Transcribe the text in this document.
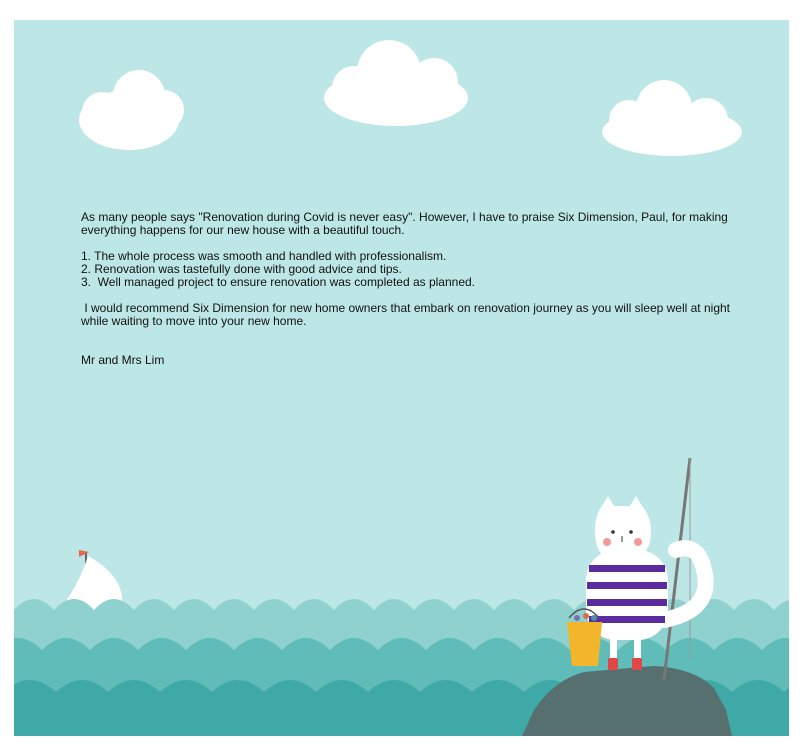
As many people says "Renovation during Covid is never easy". However, I have to praise Six Dimension, Paul, for making everything happens for our new house with a beautiful touch.

1. The whole process was smooth and handled with professionalism.

2. Renovation was tastefully done with good advice and tips.

3.  Well managed project to ensure renovation was completed as planned.

I would recommend Six Dimension for new home owners that embark on renovation journey as you will sleep well at night while waiting to move into your new home.

Mr and Mrs Lim
